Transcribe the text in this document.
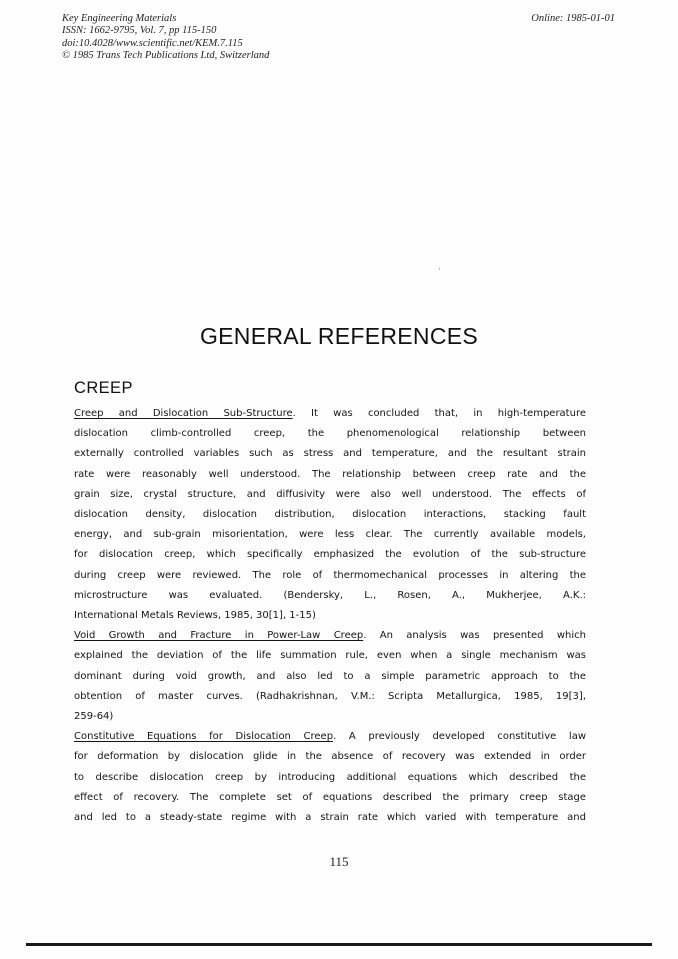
Key Engineering Materials
ISSN: 1662-9795, Vol. 7, pp 115-150
doi:10.4028/www.scientific.net/KEM.7.115
© 1985 Trans Tech Publications Ltd, Switzerland
Online: 1985-01-01
GENERAL REFERENCES
CREEP
Creep and Dislocation Sub-Structure. It was concluded that, in high-temperature
dislocation climb-controlled creep, the phenomenological relationship between
externally controlled variables such as stress and temperature, and the resultant strain
rate were reasonably well understood. The relationship between creep rate and the
grain size, crystal structure, and diffusivity were also well understood. The effects of
dislocation density, dislocation distribution, dislocation interactions, stacking fault
energy, and sub-grain misorientation, were less clear. The currently available models,
for dislocation creep, which specifically emphasized the evolution of the sub-structure
during creep were reviewed. The role of thermomechanical processes in altering the
microstructure was evaluated. (Bendersky, L., Rosen, A., Mukherjee, A.K.:
International Metals Reviews, 1985, 30[1], 1-15)
Void Growth and Fracture in Power-Law Creep. An analysis was presented which
explained the deviation of the life summation rule, even when a single mechanism was
dominant during void growth, and also led to a simple parametric approach to the
obtention of master curves. (Radhakrishnan, V.M.: Scripta Metallurgica, 1985, 19[3],
259-64)
Constitutive Equations for Dislocation Creep. A previously developed constitutive law
for deformation by dislocation glide in the absence of recovery was extended in order
to describe dislocation creep by introducing additional equations which described the
effect of recovery. The complete set of equations described the primary creep stage
and led to a steady-state regime with a strain rate which varied with temperature and
115
